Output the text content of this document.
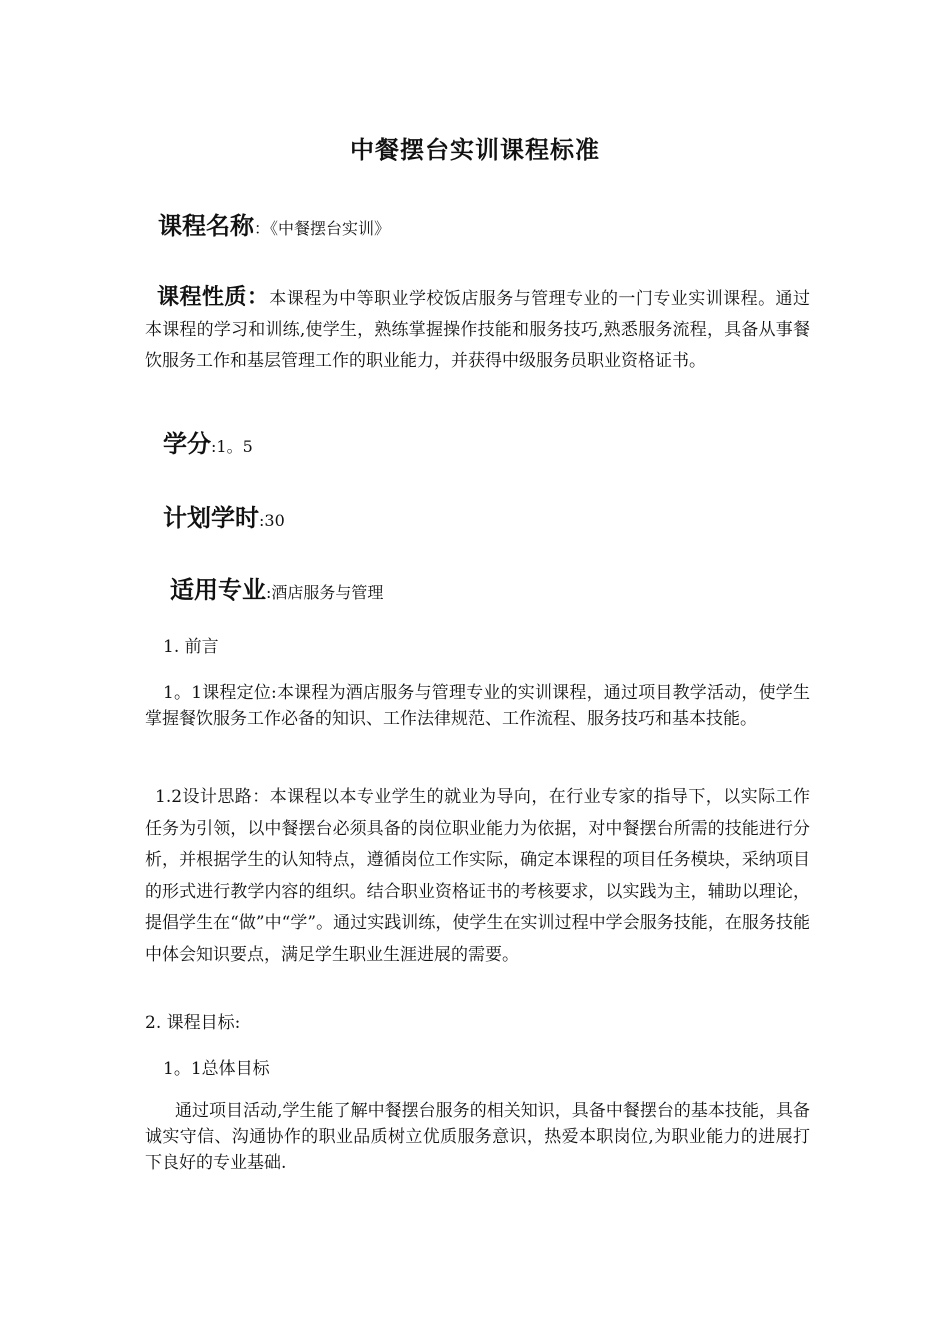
中餐摆台实训课程标准
课程名称：《中餐摆台实训》
课程性质：本课程为中等职业学校饭店服务与管理专业的一门专业实训课程。通过本课程的学习和训练,使学生，熟练掌握操作技能和服务技巧,熟悉服务流程，具备从事餐饮服务工作和基层管理工作的职业能力，并获得中级服务员职业资格证书。
学分:1。5
计划学时:30
适用专业:酒店服务与管理
1. 前言
1。1课程定位:本课程为酒店服务与管理专业的实训课程，通过项目教学活动，使学生掌握餐饮服务工作必备的知识、工作法律规范、工作流程、服务技巧和基本技能。
1.2设计思路：本课程以本专业学生的就业为导向，在行业专家的指导下，以实际工作任务为引领，以中餐摆台必须具备的岗位职业能力为依据，对中餐摆台所需的技能进行分析，并根据学生的认知特点，遵循岗位工作实际，确定本课程的项目任务模块，采纳项目的形式进行教学内容的组织。结合职业资格证书的考核要求，以实践为主，辅助以理论，提倡学生在“做”中“学”。通过实践训练，使学生在实训过程中学会服务技能，在服务技能中体会知识要点，满足学生职业生涯进展的需要。
2. 课程目标:
1。1总体目标
通过项目活动,学生能了解中餐摆台服务的相关知识，具备中餐摆台的基本技能，具备诚实守信、沟通协作的职业品质树立优质服务意识，热爱本职岗位,为职业能力的进展打下良好的专业基础.
